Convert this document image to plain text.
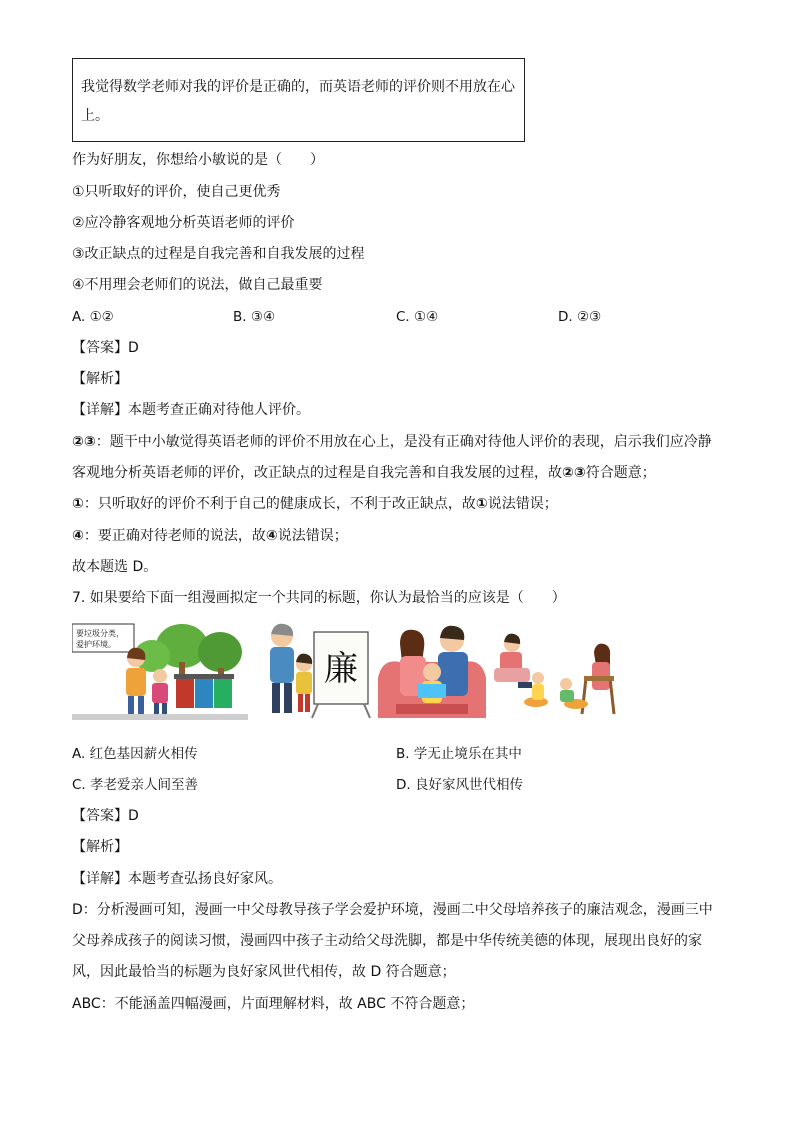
我觉得数学老师对我的评价是正确的，而英语老师的评价则不用放在心

上。

作为好朋友，你想给小敏说的是（　　）
①只听取好的评价，使自己更优秀
②应冷静客观地分析英语老师的评价
③改正缺点的过程是自我完善和自我发展的过程
④不用理会老师们的说法，做自己最重要
A. ①②	B. ③④	C. ①④	D. ②③
【答案】D
【解析】
【详解】本题考查正确对待他人评价。
②③：题干中小敏觉得英语老师的评价不用放在心上，是没有正确对待他人评价的表现，启示我们应冷静
客观地分析英语老师的评价，改正缺点的过程是自我完善和自我发展的过程，故②③符合题意；
①：只听取好的评价不利于自己的健康成长，不利于改正缺点，故①说法错误；
④：要正确对待老师的说法，故④说法错误；
故本题选 D。
7. 如果要给下面一组漫画拟定一个共同的标题，你认为最恰当的应该是（　　）
要垃圾分类，
爱护环境。
廉
A. 红色基因薪火相传	B. 学无止境乐在其中
C. 孝老爱亲人间至善	D. 良好家风世代相传
【答案】D
【解析】
【详解】本题考查弘扬良好家风。
D：分析漫画可知，漫画一中父母教导孩子学会爱护环境，漫画二中父母培养孩子的廉洁观念，漫画三中
父母养成孩子的阅读习惯，漫画四中孩子主动给父母洗脚，都是中华传统美德的体现，展现出良好的家
风，因此最恰当的标题为良好家风世代相传，故 D 符合题意；
ABC：不能涵盖四幅漫画，片面理解材料，故 ABC 不符合题意；
